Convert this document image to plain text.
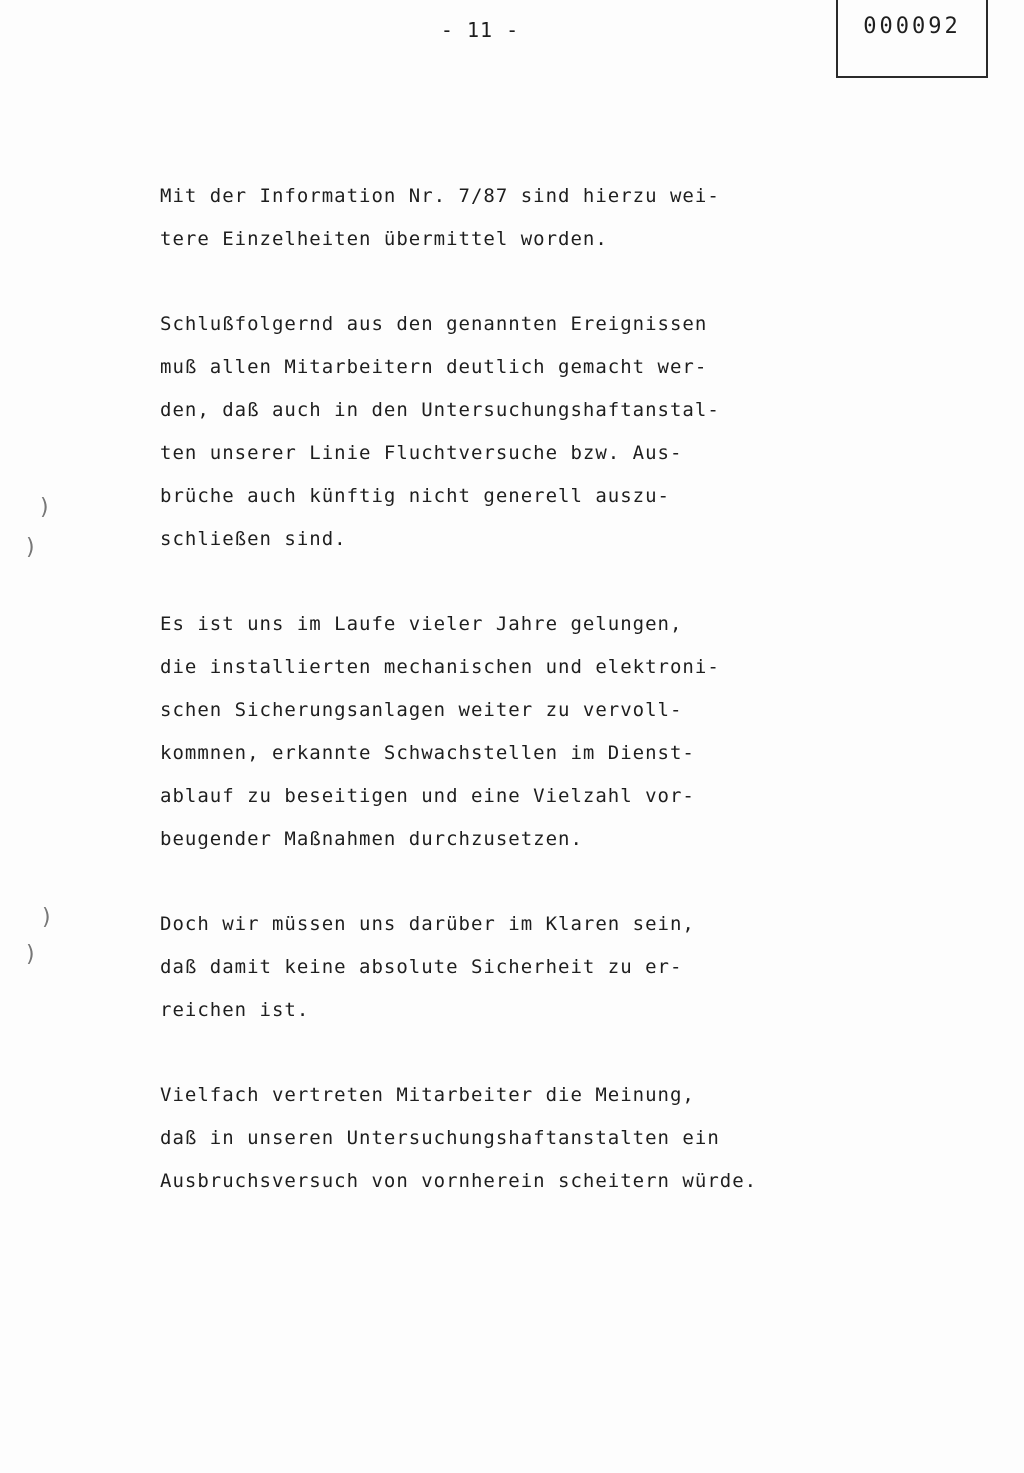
- 11 -	000092
)
)
)
)
Mit der Information Nr. 7/87 sind hierzu wei-
tere Einzelheiten übermittel worden.
Schlußfolgernd aus den genannten Ereignissen
muß allen Mitarbeitern deutlich gemacht wer-
den, daß auch in den Untersuchungshaftanstal-
ten unserer Linie Fluchtversuche bzw. Aus-
brüche auch künftig nicht generell auszu-
schließen sind.
Es ist uns im Laufe vieler Jahre gelungen,
die installierten mechanischen und elektroni-
schen Sicherungsanlagen weiter zu vervoll-
kommnen, erkannte Schwachstellen im Dienst-
ablauf zu beseitigen und eine Vielzahl vor-
beugender Maßnahmen durchzusetzen.
Doch wir müssen uns darüber im Klaren sein,
daß damit keine absolute Sicherheit zu er-
reichen ist.
Vielfach vertreten Mitarbeiter die Meinung,
daß in unseren Untersuchungshaftanstalten ein
Ausbruchsversuch von vornherein scheitern würde.
